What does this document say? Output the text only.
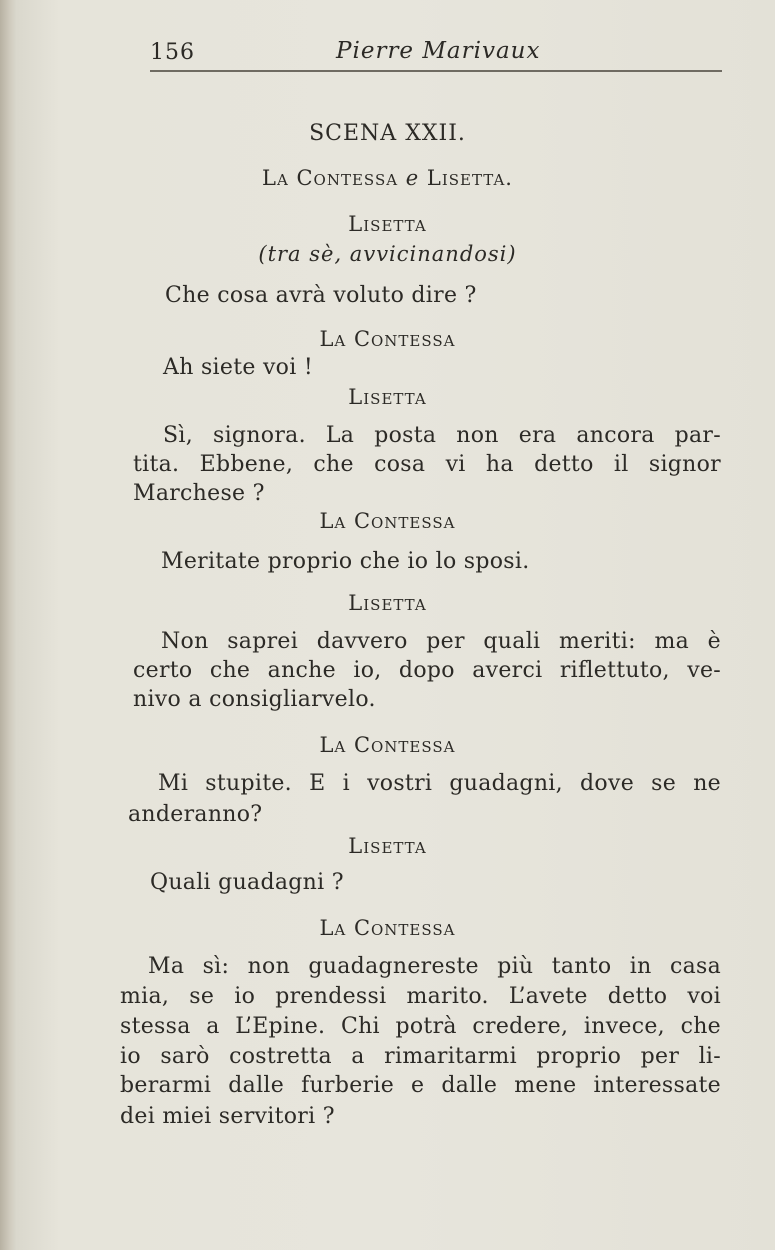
156	Pierre Marivaux
SCENA XXII.
La Contessa e Lisetta.
Lisetta
(tra sè, avvicinandosi)
Che cosa avrà voluto dire ?
La Contessa
Ah siete voi !
Lisetta
Sì, signora. La posta non era ancora par-
tita. Ebbene, che cosa vi ha detto il signor
Marchese ?
La Contessa
Meritate proprio che io lo sposi.
Lisetta
Non saprei davvero per quali meriti: ma è
certo che anche io, dopo averci riflettuto, ve-
nivo a consigliarvelo.
La Contessa
Mi stupite. E i vostri guadagni, dove se ne
anderanno?
Lisetta
Quali guadagni ?
La Contessa
Ma sì: non guadagnereste più tanto in casa
mia, se io prendessi marito. L’avete detto voi
stessa a L’Epine. Chi potrà credere, invece, che
io sarò costretta a rimaritarmi proprio per li-
berarmi dalle furberie e dalle mene interessate
dei miei servitori ?
